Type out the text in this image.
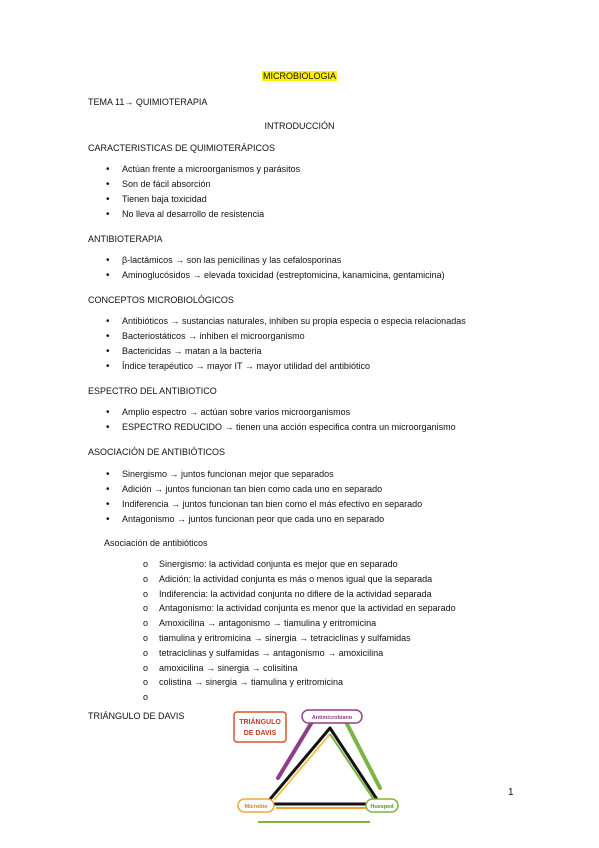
MICROBIOLOGIA
TEMA 11→ QUIMIOTERAPIA
INTRODUCCIÓN
CARACTERISTICAS DE QUIMIOTERÁPICOS
• Actúan frente a microorganismos y parásitos
• Son de fácil absorción
• Tienen baja toxicidad
• No lleva al desarrollo de resistencia
ANTIBIOTERAPIA
• β-lactámicos → son las penicilinas y las cefalosporinas
• Aminoglucósidos → elevada toxicidad (estreptomicina, kanamicina, gentamicina)
CONCEPTOS MICROBIOLÓGICOS
• Antibióticos → sustancias naturales, inhiben su propia especia o especia relacionadas
• Bacteriostáticos → inhiben el microorganismo
• Bactericidas → matan a la bacteria
• Índice terapéutico → mayor IT → mayor utilidad del antibiótico
ESPECTRO DEL ANTIBIOTICO
• Amplio espectro → actúan sobre varios microorganismos
• ESPECTRO REDUCIDO → tienen una acción especifica contra un microorganismo
ASOCIACIÓN DE ANTIBIÓTICOS
• Sinergismo → juntos funcionan mejor que separados
• Adición → juntos funcionan tan bien como cada uno en separado
• Indiferencia → juntos funcionan tan bien como el más efectivo en separado
• Antagonismo → juntos funcionan peor que cada uno en separado
Asociación de antibióticos
o Sinergismo: la actividad conjunta es mejor que en separado
o Adición: la actividad conjunta es más o menos igual que la separada
o Indiferencia: la actividad conjunta no difiere de la actividad separada
o Antagonismo: la actividad conjunta es menor que la actividad en separado
o Amoxicilina → antagonismo → tiamulina y eritromicina
o tiamulina y eritromicina → sinergia → tetraciclinas y sulfamidas
o tetraciclinas y sulfamidas → antagonismo → amoxicilina
o amoxicilina → sinergia → colisitina
o colistina → sinergia → tiamulina y eritromicina
o
TRIÁNGULO DE DAVIS
TRIÁNGULO
DE DAVIS
Antimicrobiano
Microbio	Huesped
1
